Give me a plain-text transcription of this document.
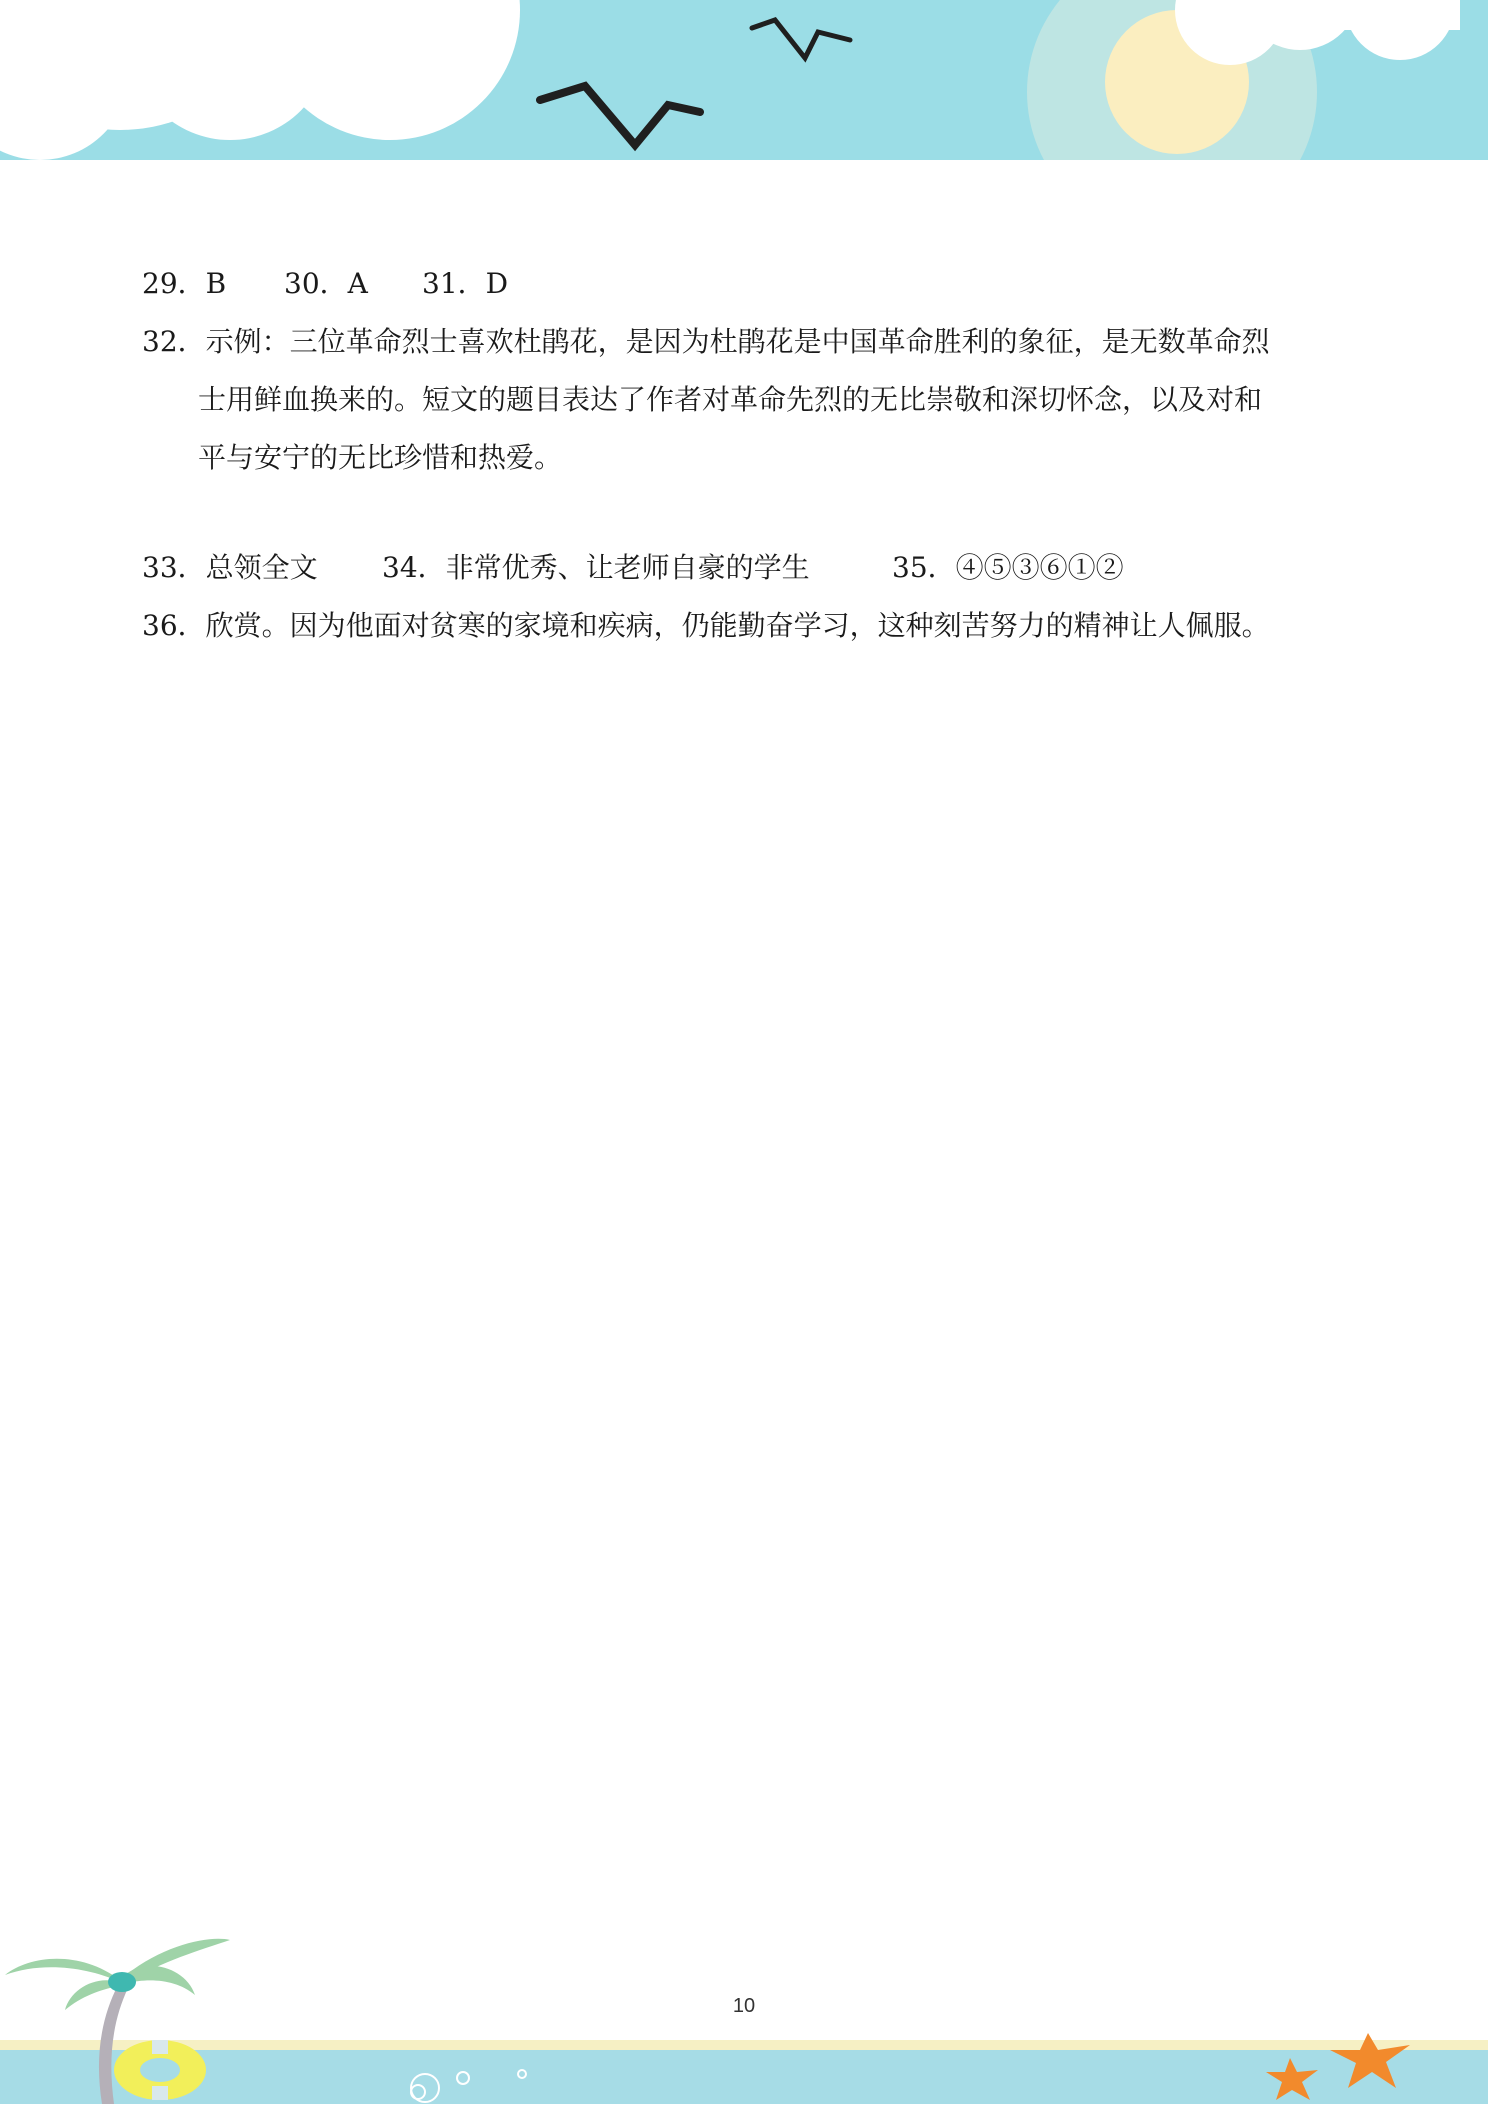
29．B 30．A 31．D
32．示例：三位革命烈士喜欢杜鹃花，是因为杜鹃花是中国革命胜利的象征，是无数革命烈
士用鲜血换来的。短文的题目表达了作者对革命先烈的无比崇敬和深切怀念，以及对和
平与安宁的无比珍惜和热爱。
33．总领全文 34．非常优秀、让老师自豪的学生	35．④⑤③⑥①②
36．欣赏。因为他面对贫寒的家境和疾病，仍能勤奋学习，这种刻苦努力的精神让人佩服。
10
